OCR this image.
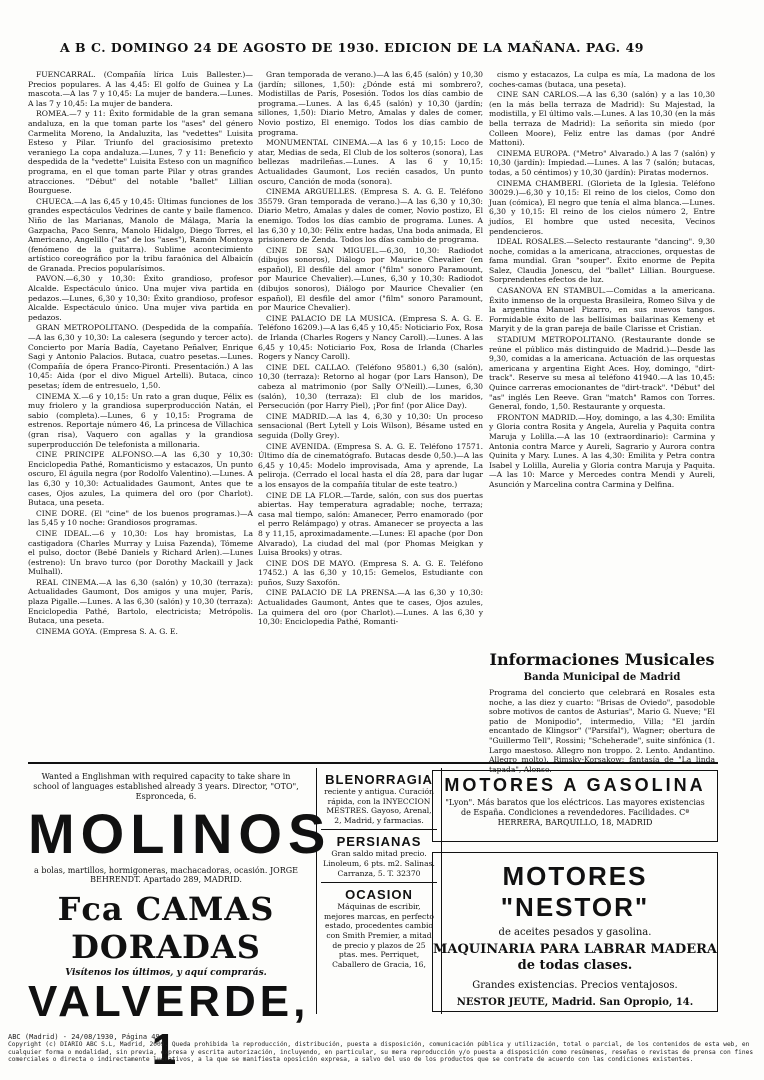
A B C. DOMINGO 24 DE AGOSTO DE 1930. EDICION DE LA MAÑANA. PAG. 49

FUENCARRAL. (Compañía lírica Luis Ballester.)—Precios populares. A las 4,45: El golfo de Guinea y La mascota.—A las 7 y 10,45: La mujer de bandera.—Lunes. A las 7 y 10,45: La mujer de bandera.

ROMEA.—7 y 11: Éxito formidable de la gran semana andaluza, en la que toman parte los "ases" del género Carmelita Moreno, la Andaluzita, las "vedettes" Luisita Esteso y Pilar. Triunfo del graciosísimo pretexto veraniego La copa andaluza.—Lunes, 7 y 11: Beneficio y despedida de la "vedette" Luisita Esteso con un magnífico programa, en el que toman parte Pilar y otras grandes atracciones. "Début" del notable "ballet" Lillian Bourguese.

CHUECA.—A las 6,45 y 10,45: Últimas funciones de los grandes espectáculos Vedrines de cante y baile flamenco. Niño de las Marianas, Manolo de Málaga, María la Gazpacha, Paco Senra, Manolo Hidalgo, Diego Torres, el Americano, Angelillo ("as" de los "ases"), Ramón Montoya (fenómeno de la guitarra). Sublime acontecimiento artístico coreográfico por la tribu faraónica del Albaicín de Granada. Precios popularísimos.

PAVON.—6,30 y 10,30: Éxito grandioso, profesor Alcalde. Espectáculo único. Una mujer viva partida en pedazos.—Lunes, 6,30 y 10,30: Éxito grandioso, profesor Alcalde. Espectáculo único. Una mujer viva partida en pedazos.

GRAN METROPOLITANO. (Despedida de la compañía.—A las 6,30 y 10,30: La calesera (segundo y tercer acto). Concierto por María Badía, Cayetano Peñalver, Enrique Sagi y Antonio Palacios. Butaca, cuatro pesetas.—Lunes. (Compañía de ópera Franco-Pironti. Presentación.) A las 10,45: Aida (por el divo Miguel Artelli). Butaca, cinco pesetas; ídem de entresuelo, 1,50.

CINEMA X.—6 y 10,15: Un rato a gran duque, Félix es muy friolero y la grandiosa superproducción Natán, el sabio (completa).—Lunes, 6 y 10,15: Programa de estrenos. Reportaje número 46, La princesa de Villachica (gran risa), Vaquero con agallas y la grandiosa superproducción De telefonista a millonaria.

CINE PRINCIPE ALFONSO.—A las 6,30 y 10,30: Enciclopedia Pathé, Romanticismo y estacazos, Un punto oscuro, El águila negra (por Rodolfo Valentino).—Lunes. A las 6,30 y 10,30: Actualidades Gaumont, Antes que te cases, Ojos azules, La quimera del oro (por Charlot). Butaca, una peseta.

CINE DORE. (El "cine" de los buenos programas.)—A las 5,45 y 10 noche: Grandiosos programas.

CINE IDEAL.—6 y 10,30: Los hay bromistas, La castigadora (Charles Murray y Luisa Fazenda), Tómeme el pulso, doctor (Bebé Daniels y Richard Arlen).—Lunes (estreno): Un bravo turco (por Dorothy Mackaill y Jack Mulhall).

REAL CINEMA.—A las 6,30 (salón) y 10,30 (terraza): Actualidades Gaumont, Dos amigos y una mujer, París, plaza Pigalle.—Lunes. A las 6,30 (salón) y 10,30 (terraza): Enciclopedia Pathé, Bartolo, electricista; Metrópolis. Butaca, una peseta.

CINEMA GOYA. (Empresa S. A. G. E.

Gran temporada de verano.)—A las 6,45 (salón) y 10,30 (jardín; sillones, 1,50): ¿Dónde está mi sombrero?, Modistillas de París, Posesión. Todos los días cambio de programa.—Lunes. A las 6,45 (salón) y 10,30 (jardín; sillones, 1,50): Diario Metro, Amalas y dales de comer, Novio postizo, El enemigo. Todos los días cambio de programa.

MONUMENTAL CINEMA.—A las 6 y 10,15: Loco de atar, Medias de seda, El Club de los solteros (sonora), Las bellezas madrileñas.—Lunes. A las 6 y 10,15: Actualidades Gaumont, Los recién casados, Un punto oscuro, Canción de moda (sonora).

CINEMA ARGUELLES. (Empresa S. A. G. E. Teléfono 35579. Gran temporada de verano.)—A las 6,30 y 10,30: Diario Metro, Amalas y dales de comer, Novio postizo, El enemigo. Todos los días cambio de programa. Lunes. A las 6,30 y 10,30: Félix entre hadas, Una boda animada, El prisionero de Zenda. Todos los días cambio de programa.

CINE DE SAN MIGUEL.—6,30, 10,30: Radiodot (dibujos sonoros), Diálogo por Maurice Chevalier (en español), El desfile del amor ("film" sonoro Paramount, por Maurice Chevalier).—Lunes, 6,30 y 10,30: Radiodot (dibujos sonoros), Diálogo por Maurice Chevalier (en español), El desfile del amor ("film" sonoro Paramount, por Maurice Chevalier).

CINE PALACIO DE LA MUSICA. (Empresa S. A. G. E. Teléfono 16209.)—A las 6,45 y 10,45: Noticiario Fox, Rosa de Irlanda (Charles Rogers y Nancy Caroll).—Lunes. A las 6,45 y 10,45: Noticiario Fox, Rosa de Irlanda (Charles Rogers y Nancy Caroll).

CINE DEL CALLAO. (Teléfono 95801.) 6,30 (salón), 10,30 (terraza): Retorno al hogar (por Lars Hanson), De cabeza al matrimonio (por Sally O'Neill).—Lunes, 6,30 (salón), 10,30 (terraza): El club de los maridos, Persecución (por Harry Piel), ¡Por fin! (por Alice Day).

CINE MADRID.—A las 4, 6,30 y 10,30: Un proceso sensacional (Bert Lytell y Lois Wilson), Bésame usted en seguida (Dolly Grey).

CINE AVENIDA. (Empresa S. A. G. E. Teléfono 17571. Último día de cinematógrafo. Butacas desde 0,50.)—A las 6,45 y 10,45: Modelo improvisada, Ama y aprende, La peliroja. (Cerrado el local hasta el día 28, para dar lugar a los ensayos de la compañía titular de este teatro.)

CINE DE LA FLOR.—Tarde, salón, con sus dos puertas abiertas. Hay temperatura agradable; noche, terraza; casa mal tiempo, salón: Amanecer, Perro enamorado (por el perro Relámpago) y otras. Amanecer se proyecta a las 8 y 11,15, aproximadamente.—Lunes: El apache (por Don Alvarado), La ciudad del mal (por Phomas Meigkan y Luisa Brooks) y otras.

CINE DOS DE MAYO. (Empresa S. A. G. E. Teléfono 17452.) A las 6,30 y 10,15: Gemelos, Estudiante con puños, Suzy Saxofón.

CINE PALACIO DE LA PRENSA.—A las 6,30 y 10,30: Actualidades Gaumont, Antes que te cases, Ojos azules, La quimera del oro (por Charlot).—Lunes. A las 6,30 y 10,30: Enciclopedia Pathé, Romanti-

cismo y estacazos, La culpa es mía, La madona de los coches-camas (butaca, una peseta).

CINE SAN CARLOS.—A las 6,30 (salón) y a las 10,30 (en la más bella terraza de Madrid): Su Majestad, la modistilla, y El último vals.—Lunes. A las 10,30 (en la más bella terraza de Madrid): La señorita sin miedo (por Colleen Moore), Feliz entre las damas (por André Mattoni).

CINEMA EUROPA. ("Metro" Alvarado.) A las 7 (salón) y 10,30 (jardín): Impiedad.—Lunes. A las 7 (salón; butacas, todas, a 50 céntimos) y 10,30 (jardín): Piratas modernos.

CINEMA CHAMBERI. (Glorieta de la Iglesia. Teléfono 30029.)—6,30 y 10,15: El reino de los cielos, Como don Juan (cómica), El negro que tenía el alma blanca.—Lunes. 6,30 y 10,15: El reino de los cielos número 2, Entre judíos, El hombre que usted necesita, Vecinos pendencieros.

IDEAL ROSALES.—Selecto restaurante "dancing". 9,30 noche, comidas a la americana, atracciones, orquestas de fama mundial. Gran "souper". Éxito enorme de Pepita Salez, Claudia Jonescu, del "ballet" Lillian. Bourguese. Sorprendentes efectos de luz.

CASANOVA EN STAMBUL.—Comidas a la americana. Éxito inmenso de la orquesta Brasileira, Romeo Silva y de la argentina Manuel Pizarro, en sus nuevos tangos. Formidable éxito de las bellísimas bailarinas Kemeny et Maryit y de la gran pareja de baile Clarisse et Cristian.

STADIUM METROPOLITANO. (Restaurante donde se reúne el público más distinguido de Madrid.)—Desde las 9,30, comidas a la americana. Actuación de las orquestas americana y argentina Eight Aces. Hoy, domingo, "dirt-track". Reserve su mesa al teléfono 41940.—A las 10,45: Quince carreras emocionantes de "dirt-track". "Début" del "as" inglés Len Reeve. Gran "match" Ramos con Torres. General, fondo, 1,50. Restaurante y orquesta.

FRONTON MADRID.—Hoy, domingo, a las 4,30: Emilita y Gloria contra Rosita y Angela, Aurelia y Paquita contra Maruja y Lolilla.—A las 10 (extraordinario): Carmina y Antonia contra Marce y Aureli, Sagrario y Aurora contra Quinita y Mary. Lunes. A las 4,30: Emilita y Petra contra Isabel y Lolilla, Aurelia y Gloria contra Maruja y Paquita.—A las 10: Marce y Mercedes contra Mendi y Aureli, Asunción y Marcelina contra Carmina y Delfina.

Informaciones Musicales
Banda Municipal de Madrid
Programa del concierto que celebrará en Rosales esta noche, a las diez y cuarto: "Brisas de Oviedo", pasodoble sobre motivos de cantos de Asturias", Mario G. Nueve; "El patio de Monipodio", intermedio, Villa; "El jardín encantado de Klingsor" ("Parsifal"), Wagner; obertura de "Guillermo Tell", Rossini; "Scheherade", suite sinfónica (1. Largo maestoso. Allegro non troppo. 2. Lento. Andantino. Allegro molto), Rimsky-Korsakow; fantasía de "La linda tapada", Alonso.
Wanted a Englishman with required capacity to take share in school of languages established already 3 years. Director, "OTO", Espronceda, 6.
MOLINOS
a bolas, martillos, hormigoneras, machacadoras, ocasión. JORGE BEHRENDT. Apartado 289, MADRID.
Fca CAMAS DORADAS
Visítenos los últimos, y aquí comprarás.
VALVERDE, 1
BLENORRAGIA
reciente y antigua. Curación rápida, con la INYECCION MESTRES. Gayoso, Arenal, 2, Madrid, y farmacias.
PERSIANAS
Gran saldo mitad precio. Linoleum, 6 pts. m2. Salinas. Carranza, 5. T. 32370
OCASION
Máquinas de escribir, mejores marcas, en perfecto estado, procedentes cambio con Smith Premier, a mitad de precio y plazos de 25 ptas. mes. Perriquet, Caballero de Gracia, 16,
MOTORES A GASOLINA
"Lyon". Más baratos que los eléctricos. Las mayores existencias de España. Condiciones a revendedores. Facilidades. Cª HERRERA, BARQUILLO, 18, MADRID
MOTORES "NESTOR"
de aceites pesados y gasolina.
MAQUINARIA PARA LABRAR MADERA de todas clases.
Grandes existencias. Precios ventajosos.
NESTOR JEUTE, Madrid. San Opropio, 14.
ABC (Madrid) - 24/08/1930, Página 49
Copyright (c) DIARIO ABC S.L, Madrid, 2009. Queda prohibida la reproducción, distribución, puesta a disposición, comunicación pública y utilización, total o parcial, de los contenidos de esta web, en cualquier forma o modalidad, sin previa, expresa y escrita autorización, incluyendo, en particular, su mera reproducción y/o puesta a disposición como resúmenes, reseñas o revistas de prensa con fines comerciales o directa o indirectamente lucrativos, a la que se manifiesta oposición expresa, a salvo del uso de los productos que se contrate de acuerdo con las condiciones existentes.
